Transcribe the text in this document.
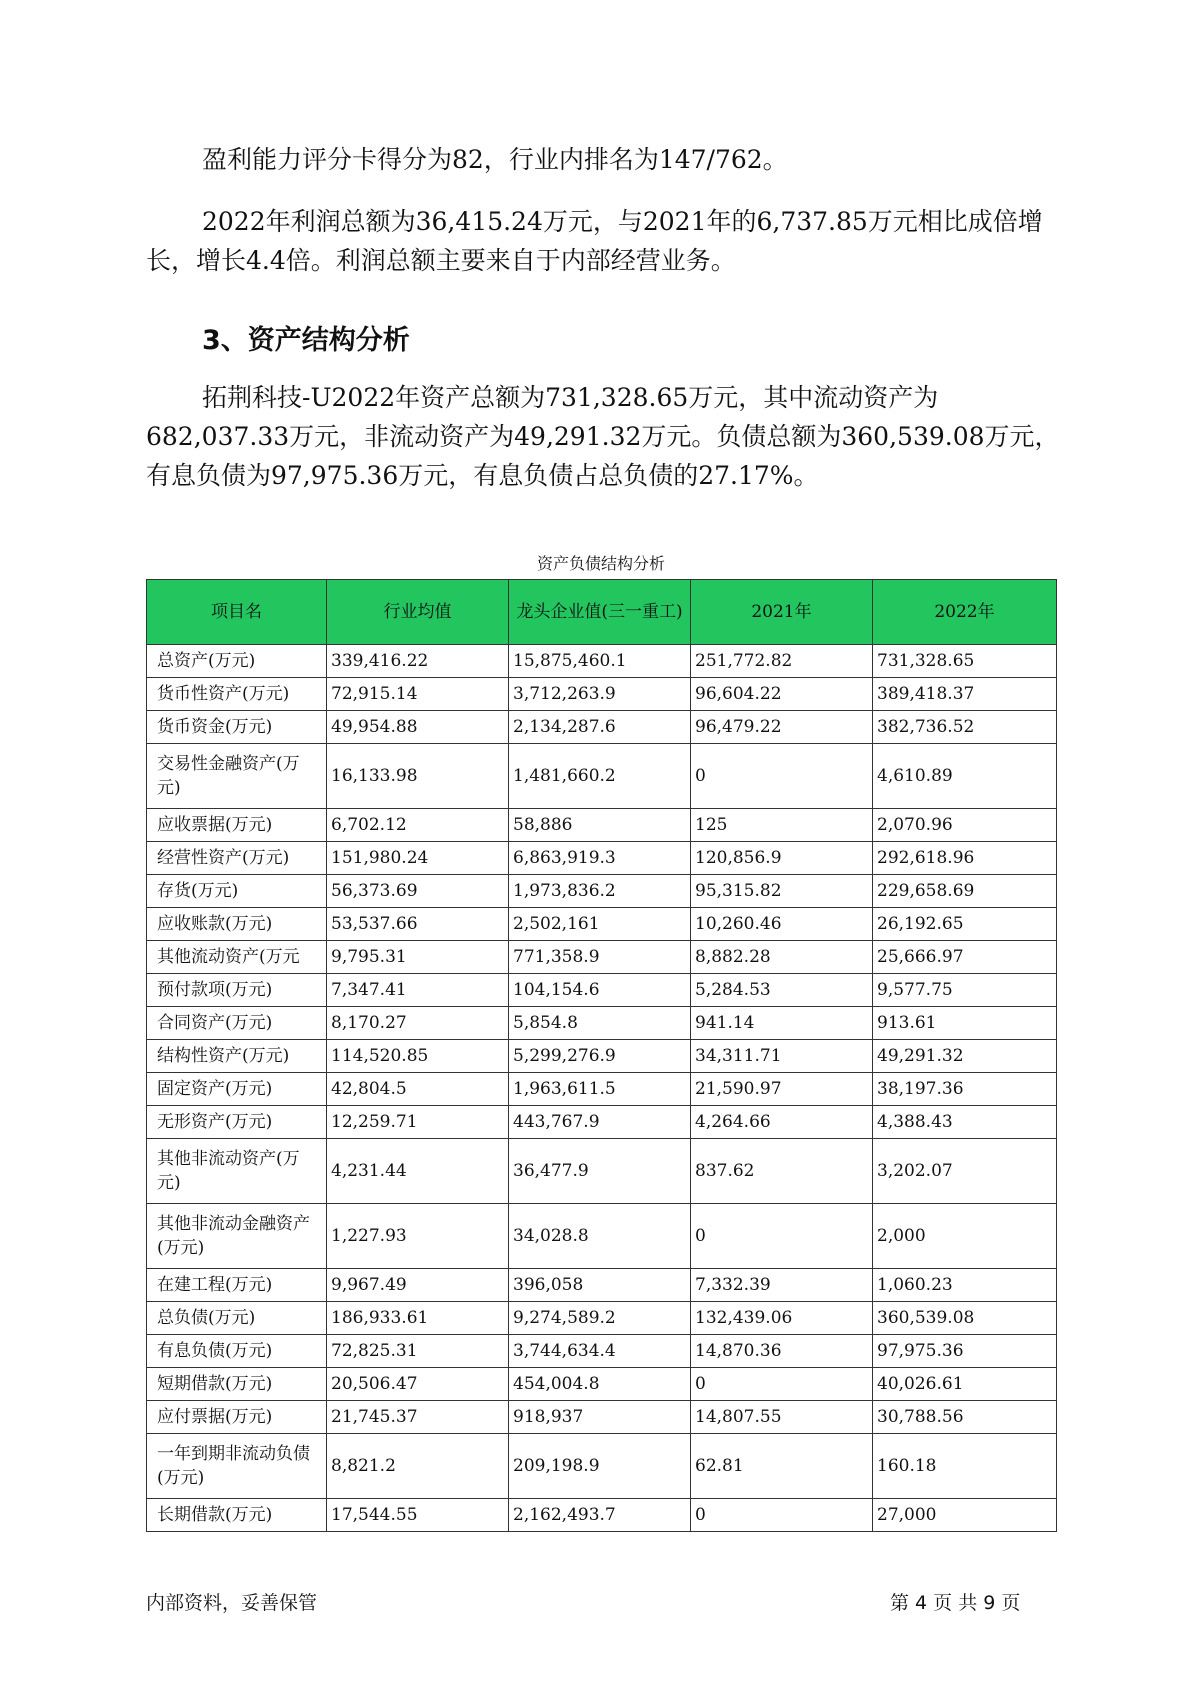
盈利能力评分卡得分为82，行业内排名为147/762。

2022年利润总额为36,415.24万元，与2021年的6,737.85万元相比成倍增长，增长4.4倍。利润总额主要来自于内部经营业务。

3、资产结构分析

拓荆科技-U2022年资产总额为731,328.65万元，其中流动资产为682,037.33万元，非流动资产为49,291.32万元。负债总额为360,539.08万元，有息负债为97,975.36万元，有息负债占总负债的27.17%。

资产负债结构分析
项目名	行业均值	龙头企业值(三一重工)	2021年	2022年
总资产(万元)	339,416.22	15,875,460.1	251,772.82	731,328.65
货币性资产(万元)	72,915.14	3,712,263.9	96,604.22	389,418.37
货币资金(万元)	49,954.88	2,134,287.6	96,479.22	382,736.52
交易性金融资产(万元)	16,133.98	1,481,660.2	0	4,610.89
应收票据(万元)	6,702.12	58,886	125	2,070.96
经营性资产(万元)	151,980.24	6,863,919.3	120,856.9	292,618.96
存货(万元)	56,373.69	1,973,836.2	95,315.82	229,658.69
应收账款(万元)	53,537.66	2,502,161	10,260.46	26,192.65
其他流动资产(万元	9,795.31	771,358.9	8,882.28	25,666.97
预付款项(万元)	7,347.41	104,154.6	5,284.53	9,577.75
合同资产(万元)	8,170.27	5,854.8	941.14	913.61
结构性资产(万元)	114,520.85	5,299,276.9	34,311.71	49,291.32
固定资产(万元)	42,804.5	1,963,611.5	21,590.97	38,197.36
无形资产(万元)	12,259.71	443,767.9	4,264.66	4,388.43
其他非流动资产(万元)	4,231.44	36,477.9	837.62	3,202.07
其他非流动金融资产(万元)	1,227.93	34,028.8	0	2,000
在建工程(万元)	9,967.49	396,058	7,332.39	1,060.23
总负债(万元)	186,933.61	9,274,589.2	132,439.06	360,539.08
有息负债(万元)	72,825.31	3,744,634.4	14,870.36	97,975.36
短期借款(万元)	20,506.47	454,004.8	0	40,026.61
应付票据(万元)	21,745.37	918,937	14,807.55	30,788.56
一年到期非流动负债(万元)	8,821.2	209,198.9	62.81	160.18
长期借款(万元)	17,544.55	2,162,493.7	0	27,000
内部资料，妥善保管	第 4 页 共 9 页
